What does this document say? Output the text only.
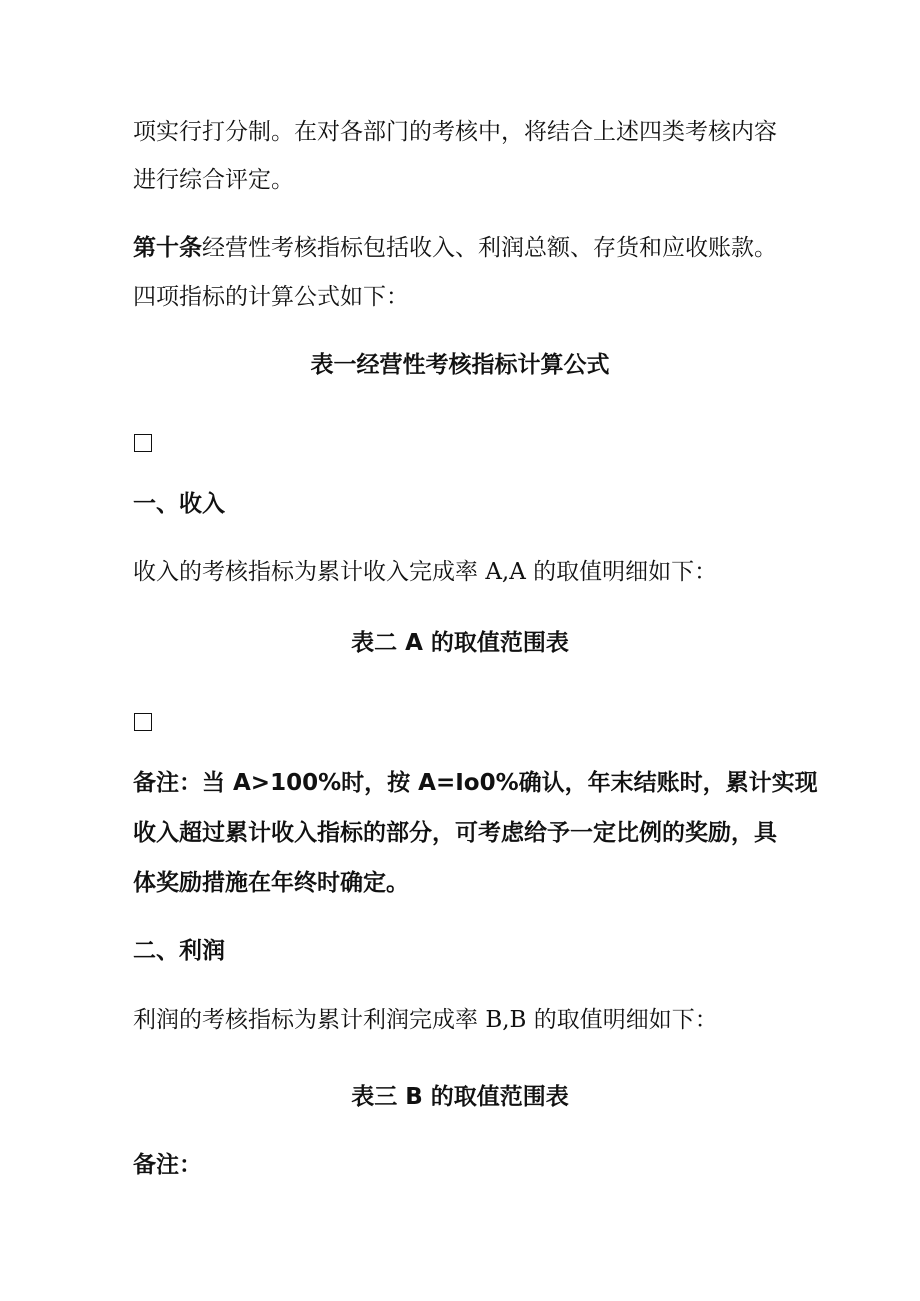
项实行打分制。在对各部门的考核中，将结合上述四类考核内容
进行综合评定。
第十条经营性考核指标包括收入、利润总额、存货和应收账款。
四项指标的计算公式如下：
表一经营性考核指标计算公式
一、收入
收入的考核指标为累计收入完成率 A,A 的取值明细如下：
表二 A 的取值范围表
备注：当 A>100%时，按 A=Io0%确认，年末结账时，累计实现
收入超过累计收入指标的部分，可考虑给予一定比例的奖励，具
体奖励措施在年终时确定。
二、利润
利润的考核指标为累计利润完成率 B,B 的取值明细如下：
表三 B 的取值范围表
备注：
